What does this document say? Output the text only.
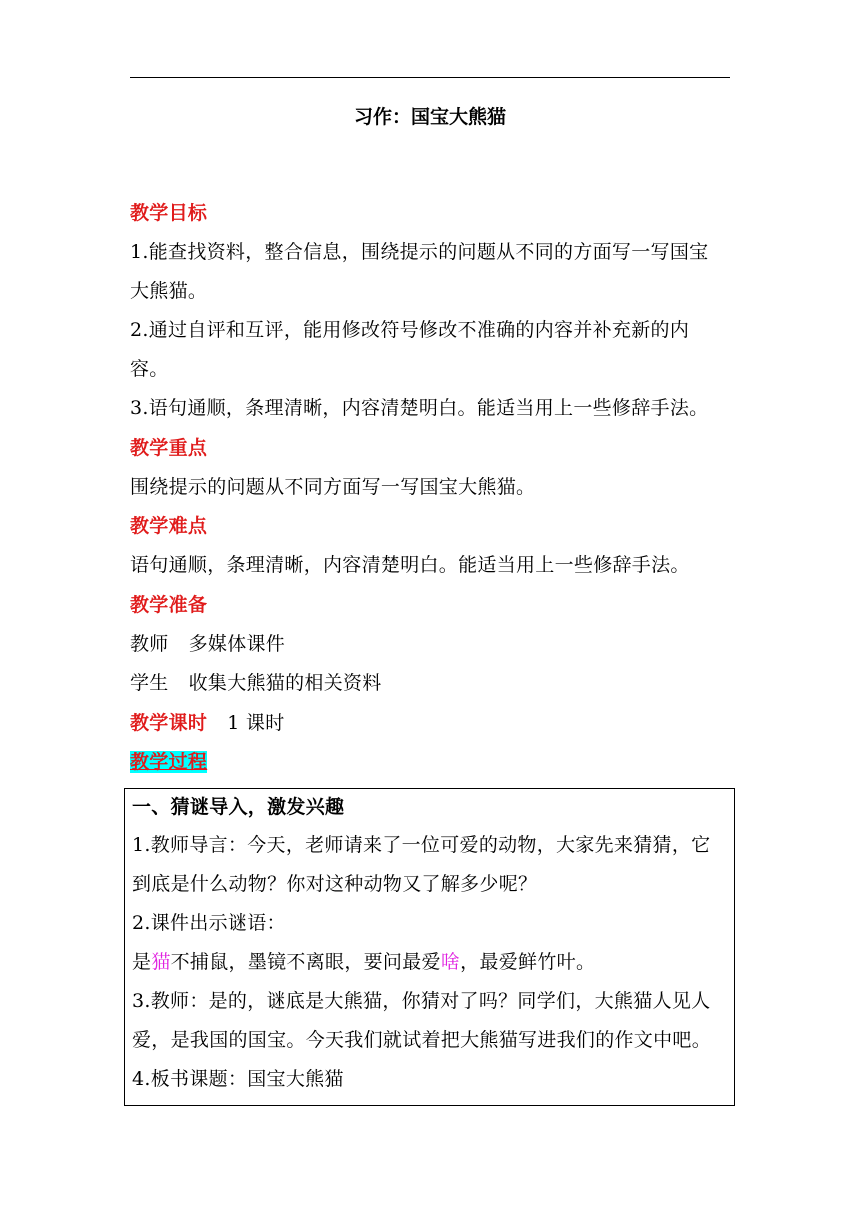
习作：国宝大熊猫
教学目标
1.能查找资料，整合信息，围绕提示的问题从不同的方面写一写国宝
大熊猫。
2.通过自评和互评，能用修改符号修改不准确的内容并补充新的内
容。
3.语句通顺，条理清晰，内容清楚明白。能适当用上一些修辞手法。
教学重点
围绕提示的问题从不同方面写一写国宝大熊猫。
教学难点
语句通顺，条理清晰，内容清楚明白。能适当用上一些修辞手法。
教学准备
教师 多媒体课件
学生 收集大熊猫的相关资料
教学课时 1 课时
教学过程
一、猜谜导入，激发兴趣
1.教师导言：今天，老师请来了一位可爱的动物，大家先来猜猜，它
到底是什么动物？你对这种动物又了解多少呢？
2.课件出示谜语：
是猫不捕鼠，墨镜不离眼，要问最爱啥，最爱鲜竹叶。
3.教师：是的，谜底是大熊猫，你猜对了吗？同学们，大熊猫人见人
爱，是我国的国宝。今天我们就试着把大熊猫写进我们的作文中吧。
4.板书课题：国宝大熊猫
